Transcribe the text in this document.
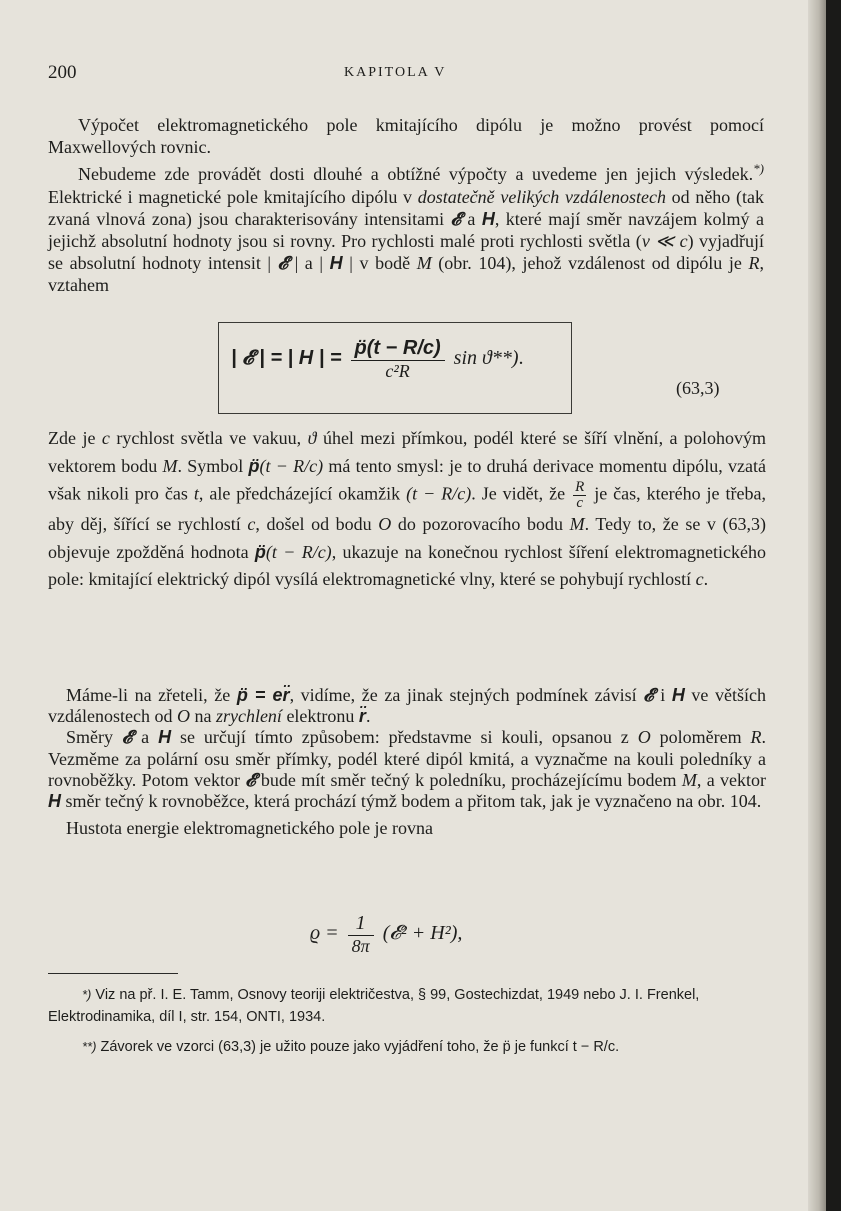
200	KAPITOLA V

Výpočet elektromagnetického pole kmitajícího dipólu je možno provést pomocí Maxwellových rovnic.

Nebudeme zde provádět dosti dlouhé a obtížné výpočty a uvedeme jen jejich výsledek.*) Elektrické i magnetické pole kmitajícího dipólu v dostatečně velikých vzdálenostech od něho (tak zvaná vlnová zona) jsou charakterisovány intensitami 𝓔 a H, které mají směr navzájem kolmý a jejichž absolutní hodnoty jsou si rovny. Pro rychlosti malé proti rychlosti světla (v ≪ c) vyjadřují se absolutní hodnoty intensit | 𝓔 | a | H | v bodě M (obr. 104), jehož vzdálenost od dipólu je R, vztahem

| 𝓔 | = | H | = $\frac{p̈(t - R/c)}{\text{c²R}}$ sin ϑ**).
(63,3)

Zde je c rychlost světla ve vakuu, ϑ úhel mezi přímkou, podél které se šíří vlnění, a polohovým vektorem bodu M. Symbol p̈(t − R/c) má tento smysl: je to druhá derivace momentu dipólu, vzatá však nikoli pro čas t, ale předcházející okamžik (t − R/c). Je vidět, že $\frac{R}{c}$ je čas, kterého je třeba, aby děj, šířící se rychlostí c, došel od bodu O do pozorovacího bodu M. Tedy to, že se v (63,3) objevuje zpožděná hodnota p̈(t − R/c), ukazuje na konečnou rychlost šíření elektromagnetického pole: kmitající elektrický dipól vysílá elektromagnetické vlny, které se pohybují rychlostí c.

Máme-li na zřeteli, že p̈ = er̈, vidíme, že za jinak stejných podmínek závisí 𝓔 i H ve větších vzdálenostech od O na zrychlení elektronu r̈.

Směry 𝓔 a H se určují tímto způsobem: představme si kouli, opsanou z O poloměrem R. Vezměme za polární osu směr přímky, podél které dipól kmitá, a vyznačme na kouli poledníky a rovnoběžky. Potom vektor 𝓔 bude mít směr tečný k poledníku, procházejícímu bodem M, a vektor H směr tečný k rovnoběžce, která prochází týmž bodem a přitom tak, jak je vyznačeno na obr. 104.

Hustota energie elektromagnetického pole je rovna

$ϱ = \frac{1}{8\pi}$ (𝓔² + H²),

*) Viz na př. I. E. Tamm, Osnovy teoriji električestva, § 99, Gostechizdat, 1949 nebo J. I. Frenkel, Elektrodinamika, díl I, str. 154, ONTI, 1934.

**) Závorek ve vzorci (63,3) je užito pouze jako vyjádření toho, že p̈ je funkcí t − R/c.
